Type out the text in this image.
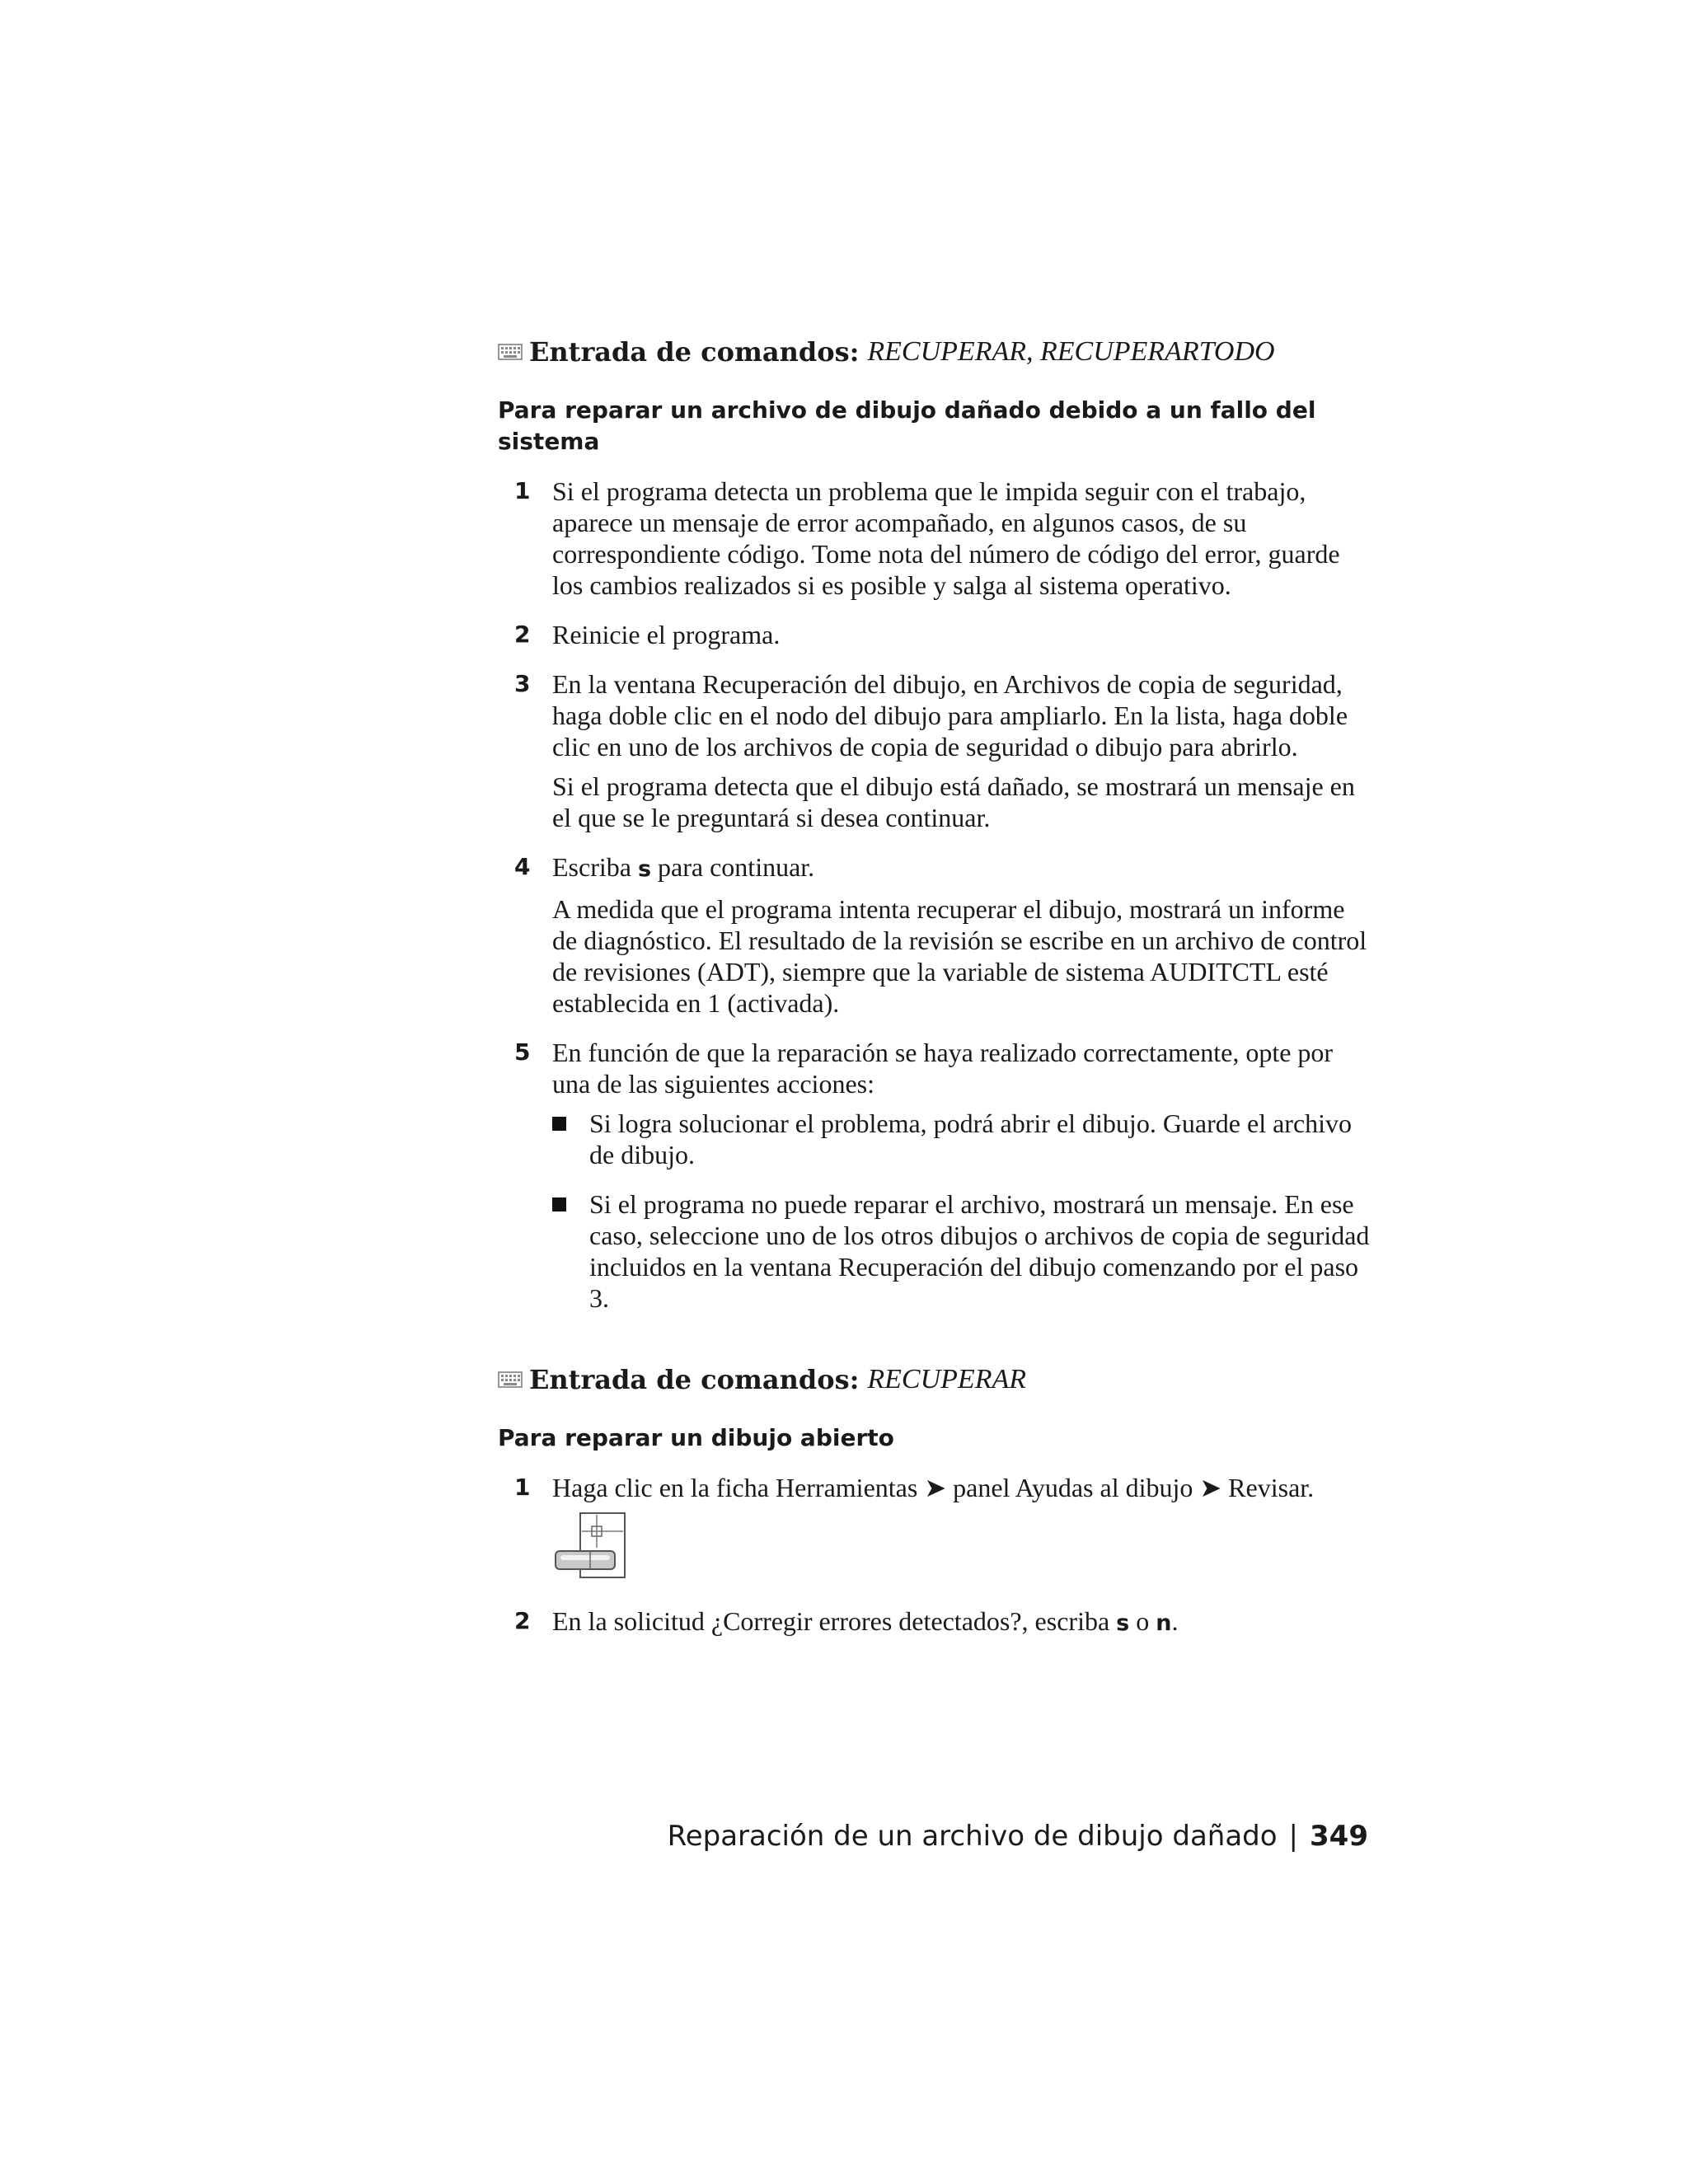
Entrada de comandos: RECUPERAR, RECUPERARTODO
Para reparar un archivo de dibujo dañado debido a un fallo del sistema
1 Si el programa detecta un problema que le impida seguir con el trabajo, aparece un mensaje de error acompañado, en algunos casos, de su correspondiente código. Tome nota del número de código del error, guarde los cambios realizados si es posible y salga al sistema operativo.

2 Reinicie el programa.

3 En la ventana Recuperación del dibujo, en Archivos de copia de seguridad, haga doble clic en el nodo del dibujo para ampliarlo. En la lista, haga doble clic en uno de los archivos de copia de seguridad o dibujo para abrirlo.

Si el programa detecta que el dibujo está dañado, se mostrará un mensaje en el que se le preguntará si desea continuar.

4 Escriba s para continuar.

A medida que el programa intenta recuperar el dibujo, mostrará un informe de diagnóstico. El resultado de la revisión se escribe en un archivo de control de revisiones (ADT), siempre que la variable de sistema AUDITCTL esté establecida en 1 (activada).

5 En función de que la reparación se haya realizado correctamente, opte por una de las siguientes acciones:

Si logra solucionar el problema, podrá abrir el dibujo. Guarde el archivo de dibujo.
Si el programa no puede reparar el archivo, mostrará un mensaje. En ese caso, seleccione uno de los otros dibujos o archivos de copia de seguridad incluidos en la ventana Recuperación del dibujo comenzando por el paso 3.
Entrada de comandos: RECUPERAR
Para reparar un dibujo abierto
1 Haga clic en la ficha Herramientas ➤ panel Ayudas al dibujo ➤ Revisar.

2 En la solicitud ¿Corregir errores detectados?, escriba s o n.

Reparación de un archivo de dibujo dañado | 349
